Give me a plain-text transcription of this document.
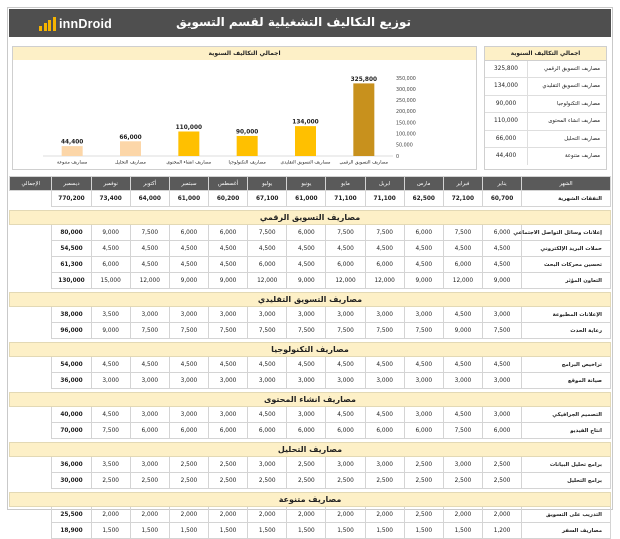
innDroid	توزيع التكاليف التشغيلية لقسم التسويق
اجمالي التكاليف السنوية
325,800
مصاريف التسويق الرقمي
134,000
مصاريف التسويق التقليدي
90,000
مصاريف التكنولوجيا
110,000
مصاريف انشاء المحتوى
66,000
مصاريف التحليل
44,400
مصاريف متنوعة
350,000
300,000
250,000
200,000
150,000
100,000
50,000
0
اجمالي التكاليف السنوية
325,800	مصاريف التسويق الرقمي
134,000	مصاريف التسويق التقليدي
90,000	مصاريف التكنولوجيا
110,000	مصاريف انشاء المحتوى
66,000	مصاريف التحليل
44,400	مصاريف متنوعة
الشهر	يناير	فبراير	مارس	ابريل	مايو	يونيو	يوليو	أغسطس	سبتمبر	أكتوبر	نوفمبر	ديسمبر	الإجمالي
النفقات الشهرية	60,700	72,100	62,500	71,100	71,100	61,000	67,100	60,200	61,000	64,000	73,400	770,200	

مصاريف التسويق الرقمي													
إعلانات وسائل التواصل الاجتماعي	6,000	7,500	6,000	7,500	7,500	6,000	7,500	6,000	6,000	7,500	9,000	80,000	
حملات البريد الإلكتروني	4,500	4,500	4,500	4,500	4,500	4,500	4,500	4,500	4,500	4,500	4,500	54,500	
تحسين محركات البحث	4,500	6,000	4,500	6,000	6,000	4,500	6,000	4,500	4,500	4,500	6,000	61,300	
التعاون المؤثر	9,000	12,000	9,000	12,000	12,000	9,000	12,000	9,000	9,000	12,000	15,000	130,000	

مصاريف التسويق التقليدي													
الإعلانات المطبوعة	3,000	4,500	3,000	3,000	3,000	3,000	3,000	3,000	3,000	3,000	3,500	38,000	
رعاية الحدث	7,500	9,000	7,500	7,500	7,500	7,500	7,500	7,500	7,500	7,500	9,000	96,000	

مصاريف التكنولوجيا													
تراخيص البرامج	4,500	4,500	4,500	4,500	4,500	4,500	4,500	4,500	4,500	4,500	4,500	54,000	
صيانة الموقع	3,000	3,000	3,000	3,000	3,000	3,000	3,000	3,000	3,000	3,000	3,000	36,000	

مصاريف انشاء المحتوى													
التصميم الجرافيكي	3,000	4,500	3,000	4,500	4,500	3,000	4,500	3,000	3,000	3,000	4,500	40,000	
انتاج الفيديو	6,000	7,500	6,000	6,000	6,000	6,000	6,000	6,000	6,000	6,000	7,500	70,000	

مصاريف التحليل													
برامج تحليل البيانات	2,500	3,000	2,500	3,000	3,000	2,500	3,000	2,500	2,500	3,000	3,500	36,000	
برامج التحليل	2,500	2,500	2,500	2,500	2,500	2,500	2,500	2,500	2,500	2,500	2,500	30,000	

مصاريف متنوعة													
التدريب على التسويق	2,000	2,000	2,500	2,000	2,000	2,000	2,000	2,000	2,000	2,000	2,000	25,500	
مصاريف السفر	1,200	1,500	1,500	1,500	1,500	1,500	1,500	1,500	1,500	1,500	1,500	18,900	
